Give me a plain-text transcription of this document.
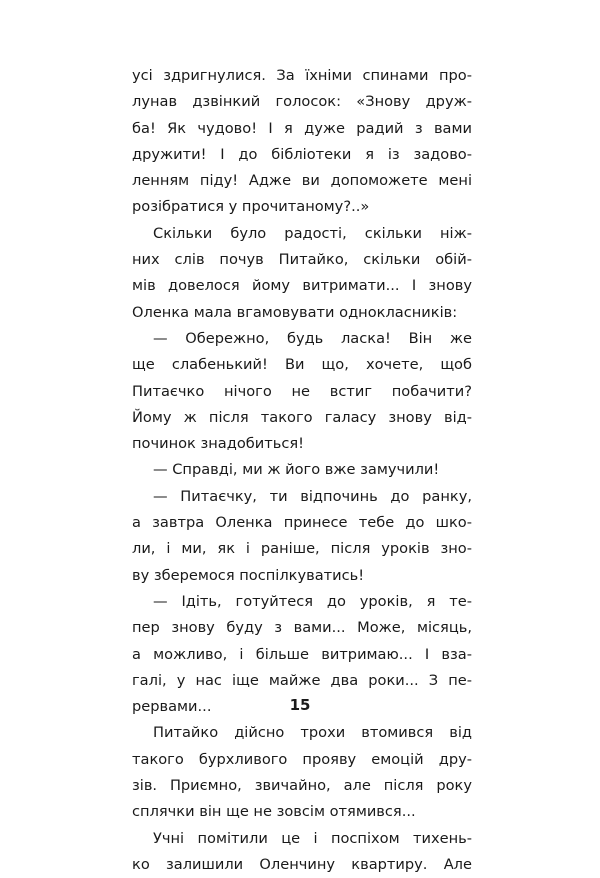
усі здригнулися. За їхніми спинами про-
лунав дзвінкий голосок: «Знову друж-
ба! Як чудово! І я дуже радий з вами
дружити! І до бібліотеки я із задово-
ленням піду! Адже ви допоможете мені
розібратися у прочитаному?..»
Скільки було радості, скільки ніж-
них слів почув Питайко, скільки обій-
мів довелося йому витримати... І знову
Оленка мала вгамовувати однокласників:
— Обережно, будь ласка! Він же
ще слабенький! Ви що, хочете, щоб
Питаєчко нічого не встиг побачити?
Йому ж після такого галасу знову від-
починок знадобиться!
— Справді, ми ж його вже замучили!
— Питаєчку, ти відпочинь до ранку,
а завтра Оленка принесе тебе до шко-
ли, і ми, як і раніше, після уроків зно-
ву зберемося поспілкуватись!
— Ідіть, готуйтеся до уроків, я те-
пер знову буду з вами... Може, місяць,
а можливо, і більше витримаю... І взa-
галі, у нас іще майже два роки... З пе-
рервами...
Питайко дійсно трохи втомився від
такого бурхливого прояву емоцій дру-
зів. Приємно, звичайно, але після року
сплячки він ще не зовсім отямився...
Учні помітили це і поспіхом тихень-
ко залишили Оленчину квартиру. Але
15
